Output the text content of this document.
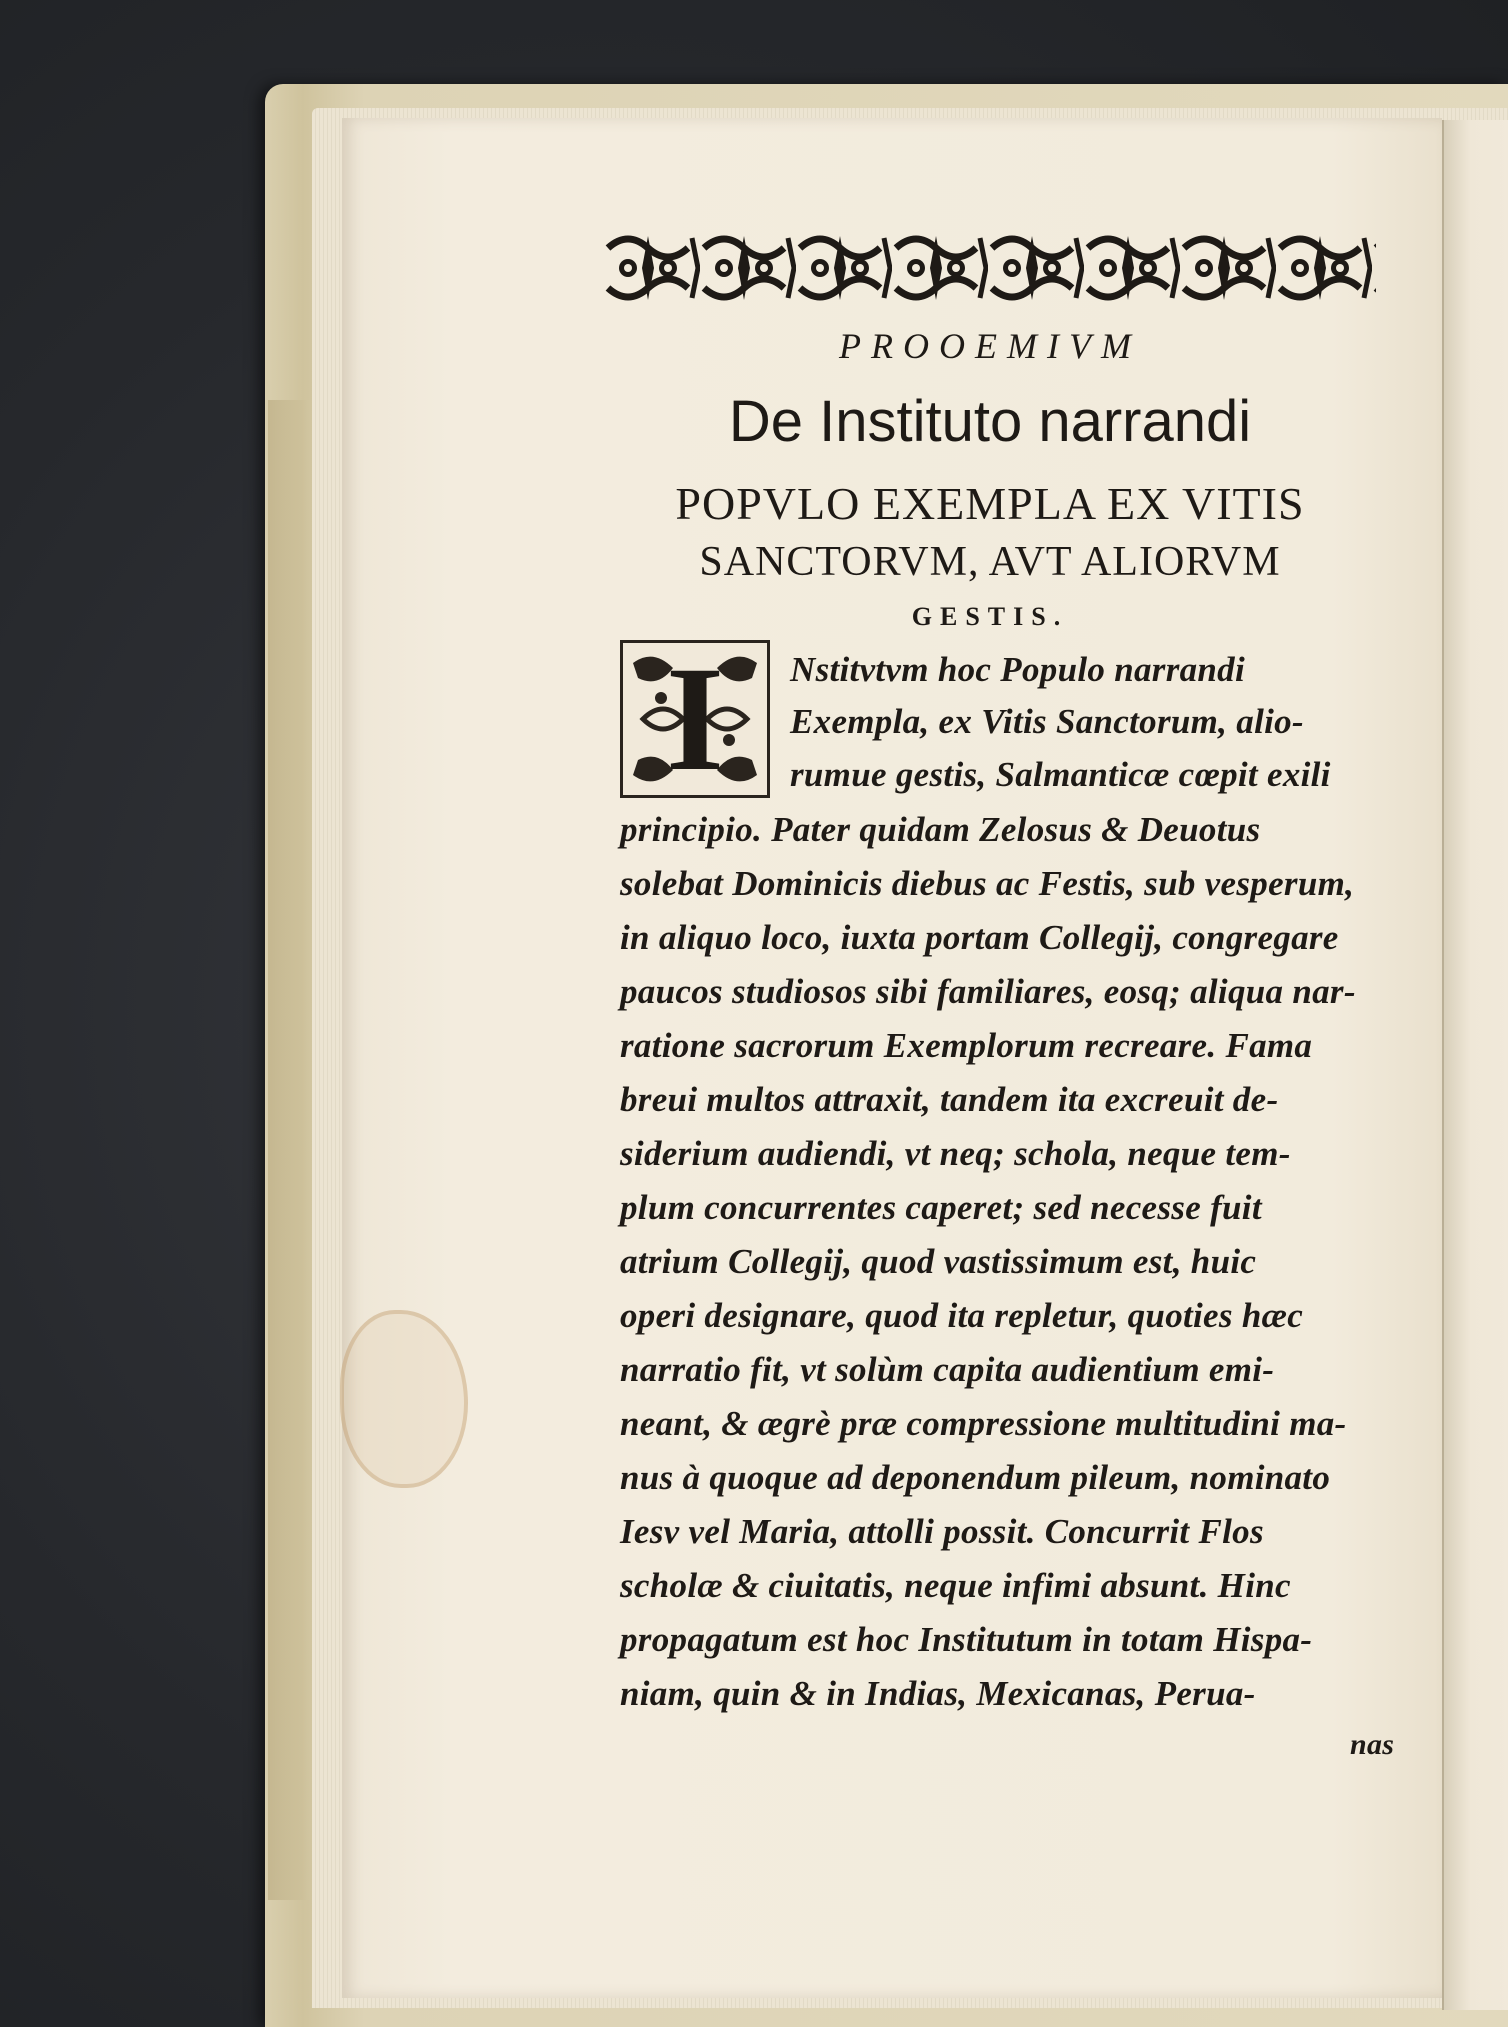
PROOEMIVM
De Instituto narrandi
POPVLO EXEMPLA EX VITIS
SANCTORVM, AVT ALIORVM
GESTIS.
I	Nstitvtvm hoc Populo narrandi
Exempla, ex Vitis Sanctorum, alio-
rumue gestis, Salmanticæ cœpit exili
principio. Pater quidam Zelosus & Deuotus
solebat Dominicis diebus ac Festis, sub vesperum,
in aliquo loco, iuxta portam Collegij, congregare
paucos studiosos sibi familiares, eosq; aliqua nar-
ratione sacrorum Exemplorum recreare. Fama
breui multos attraxit, tandem ita excreuit de-
siderium audiendi, vt neq; schola, neque tem-
plum concurrentes caperet; sed necesse fuit
atrium Collegij, quod vastissimum est, huic
operi designare, quod ita repletur, quoties hæc
narratio fit, vt solùm capita audientium emi-
neant, & ægrè præ compressione multitudini ma-
nus à quoque ad deponendum pileum, nominato
Iesv vel Maria, attolli possit. Concurrit Flos
scholæ & ciuitatis, neque infimi absunt. Hinc
propagatum est hoc Institutum in totam Hispa-
niam, quin & in Indias, Mexicanas, Perua-
nas
